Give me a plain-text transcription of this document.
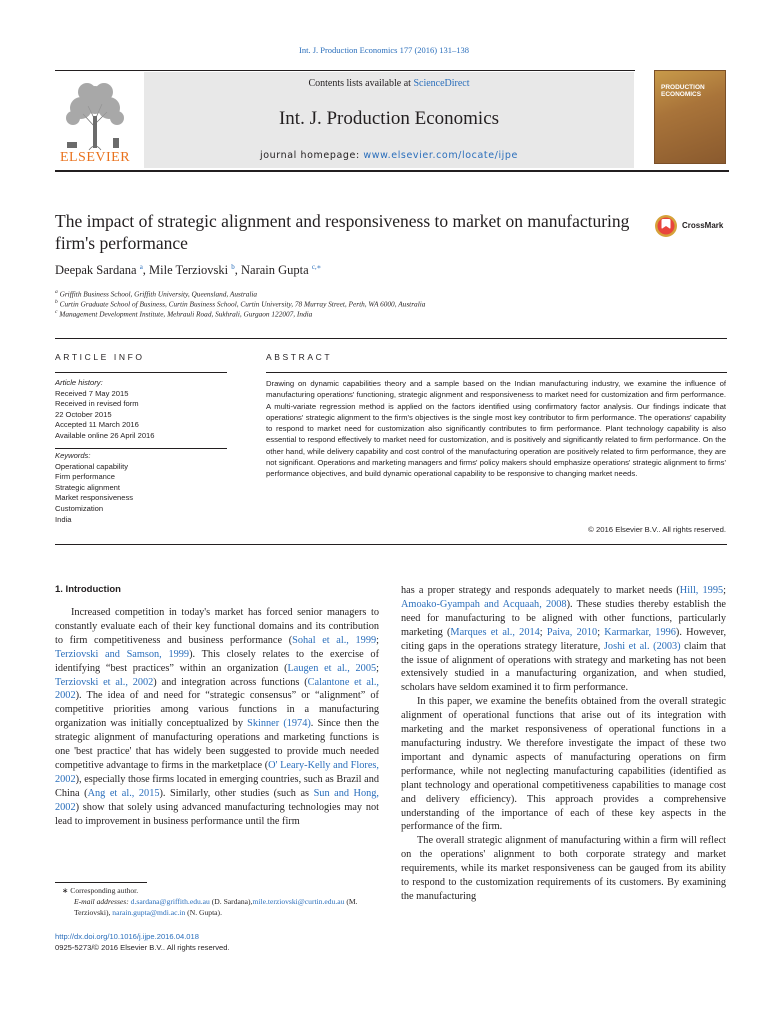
Int. J. Production Economics 177 (2016) 131–138
ELSEVIER
Contents lists available at ScienceDirect
Int. J. Production Economics
journal homepage: www.elsevier.com/locate/ijpe
PRODUCTION ECONOMICS
The impact of strategic alignment and responsiveness to market on manufacturing firm's performance
CrossMark
Deepak Sardana $^a$, Mile Terziovski $^b$, Narain Gupta $^{c,∗}$
$^a$ Griffith Business School, Griffith University, Queensland, Australia
$^b$ Curtin Graduate School of Business, Curtin Business School, Curtin University, 78 Murray Street, Perth, WA 6000, Australia
$^c$ Management Development Institute, Mehrauli Road, Sukhrali, Gurgaon 122007, India
ARTICLE INFO	ABSTRACT
Article history:
Received 7 May 2015
Received in revised form
22 October 2015
Accepted 11 March 2016
Available online 26 April 2016
Keywords:
Operational capability
Firm performance
Strategic alignment
Market responsiveness
Customization
India
Drawing on dynamic capabilities theory and a sample based on the Indian manufacturing industry, we examine the influence of manufacturing operations' functioning, strategic alignment and responsiveness to market need for customization and firm performance. A multi-variate regression method is applied on the factors identified using confirmatory factor analysis. Our findings indicate that operations' strategic alignment to the firm's objectives is the single most key contributor to firm performance. The operations' capability to respond to market need for customization also significantly contributes to firm performance. Plant technology capability is also essential to respond effectively to market need for customization, and is positively and significantly related to firm performance. On the other hand, while delivery capability and cost control of the manufacturing operation are positively related to firm performance, they are not significant. Operations and marketing managers and firms' policy makers should emphasize operations' strategic alignment to firms' performance objectives, and build dynamic operational capability to be responsive to changing market needs.
© 2016 Elsevier B.V.. All rights reserved.
1. Introduction

Increased competition in today's market has forced senior managers to constantly evaluate each of their key functional domains and its contribution to firm competitiveness and business performance (Sohal et al., 1999; Terziovski and Samson, 1999). This closely relates to the exercise of identifying “best practices” within an organization (Laugen et al., 2005; Terziovski et al., 2002) and integration across functions (Calantone et al., 2002). The idea of and need for “strategic consensus” or “alignment” of competitive priorities among various functions in a manufacturing organization was initially conceptualized by Skinner (1974). Since then the strategic alignment of manufacturing operations and marketing functions is one 'best practice' that has widely been suggested to provide much needed competitive advantage to firms in the marketplace (O' Leary-Kelly and Flores, 2002), especially those firms located in emerging countries, such as Brazil and China (Ang et al., 2015). Similarly, other studies (such as Sun and Hong, 2002) show that solely using advanced manufacturing technologies may not lead to improvement in business performance until the firm

has a proper strategy and responds adequately to market needs (Hill, 1995; Amoako-Gyampah and Acquaah, 2008). These studies thereby establish the need for manufacturing to be aligned with other functions, particularly marketing (Marques et al., 2014; Paiva, 2010; Karmarkar, 1996). However, citing gaps in the operations strategy literature, Joshi et al. (2003) claim that the issue of alignment of operations with strategy and marketing has not been extensively studied in a manufacturing organization, and when studied, scholars have seldom examined it to firm performance.

In this paper, we examine the benefits obtained from the overall strategic alignment of operational functions that arise out of its integration with marketing and the market responsiveness of operational functions in a manufacturing industry. We therefore investigate the impact of these two important and dynamic aspects of manufacturing operations on firm performance, while not neglecting manufacturing capabilities (identified as plant technology and operational competitiveness capabilities to manage cost and delivery efficiency). This approach provides a comprehensive understanding of the importance of each of these key aspects in the performance of the firm.

The overall strategic alignment of manufacturing within a firm will reflect on the operations' alignment to both corporate strategy and market requirements, while its market responsiveness can be gauged from its ability to respond to the customization requirements of its customers. By examining the manufacturing

∗ Corresponding author.
E-mail addresses: d.sardana@griffith.edu.au (D. Sardana),mile.terziovski@curtin.edu.au (M. Terziovski), narain.gupta@mdi.ac.in (N. Gupta).
http://dx.doi.org/10.1016/j.ijpe.2016.04.018
0925-5273/© 2016 Elsevier B.V.. All rights reserved.
